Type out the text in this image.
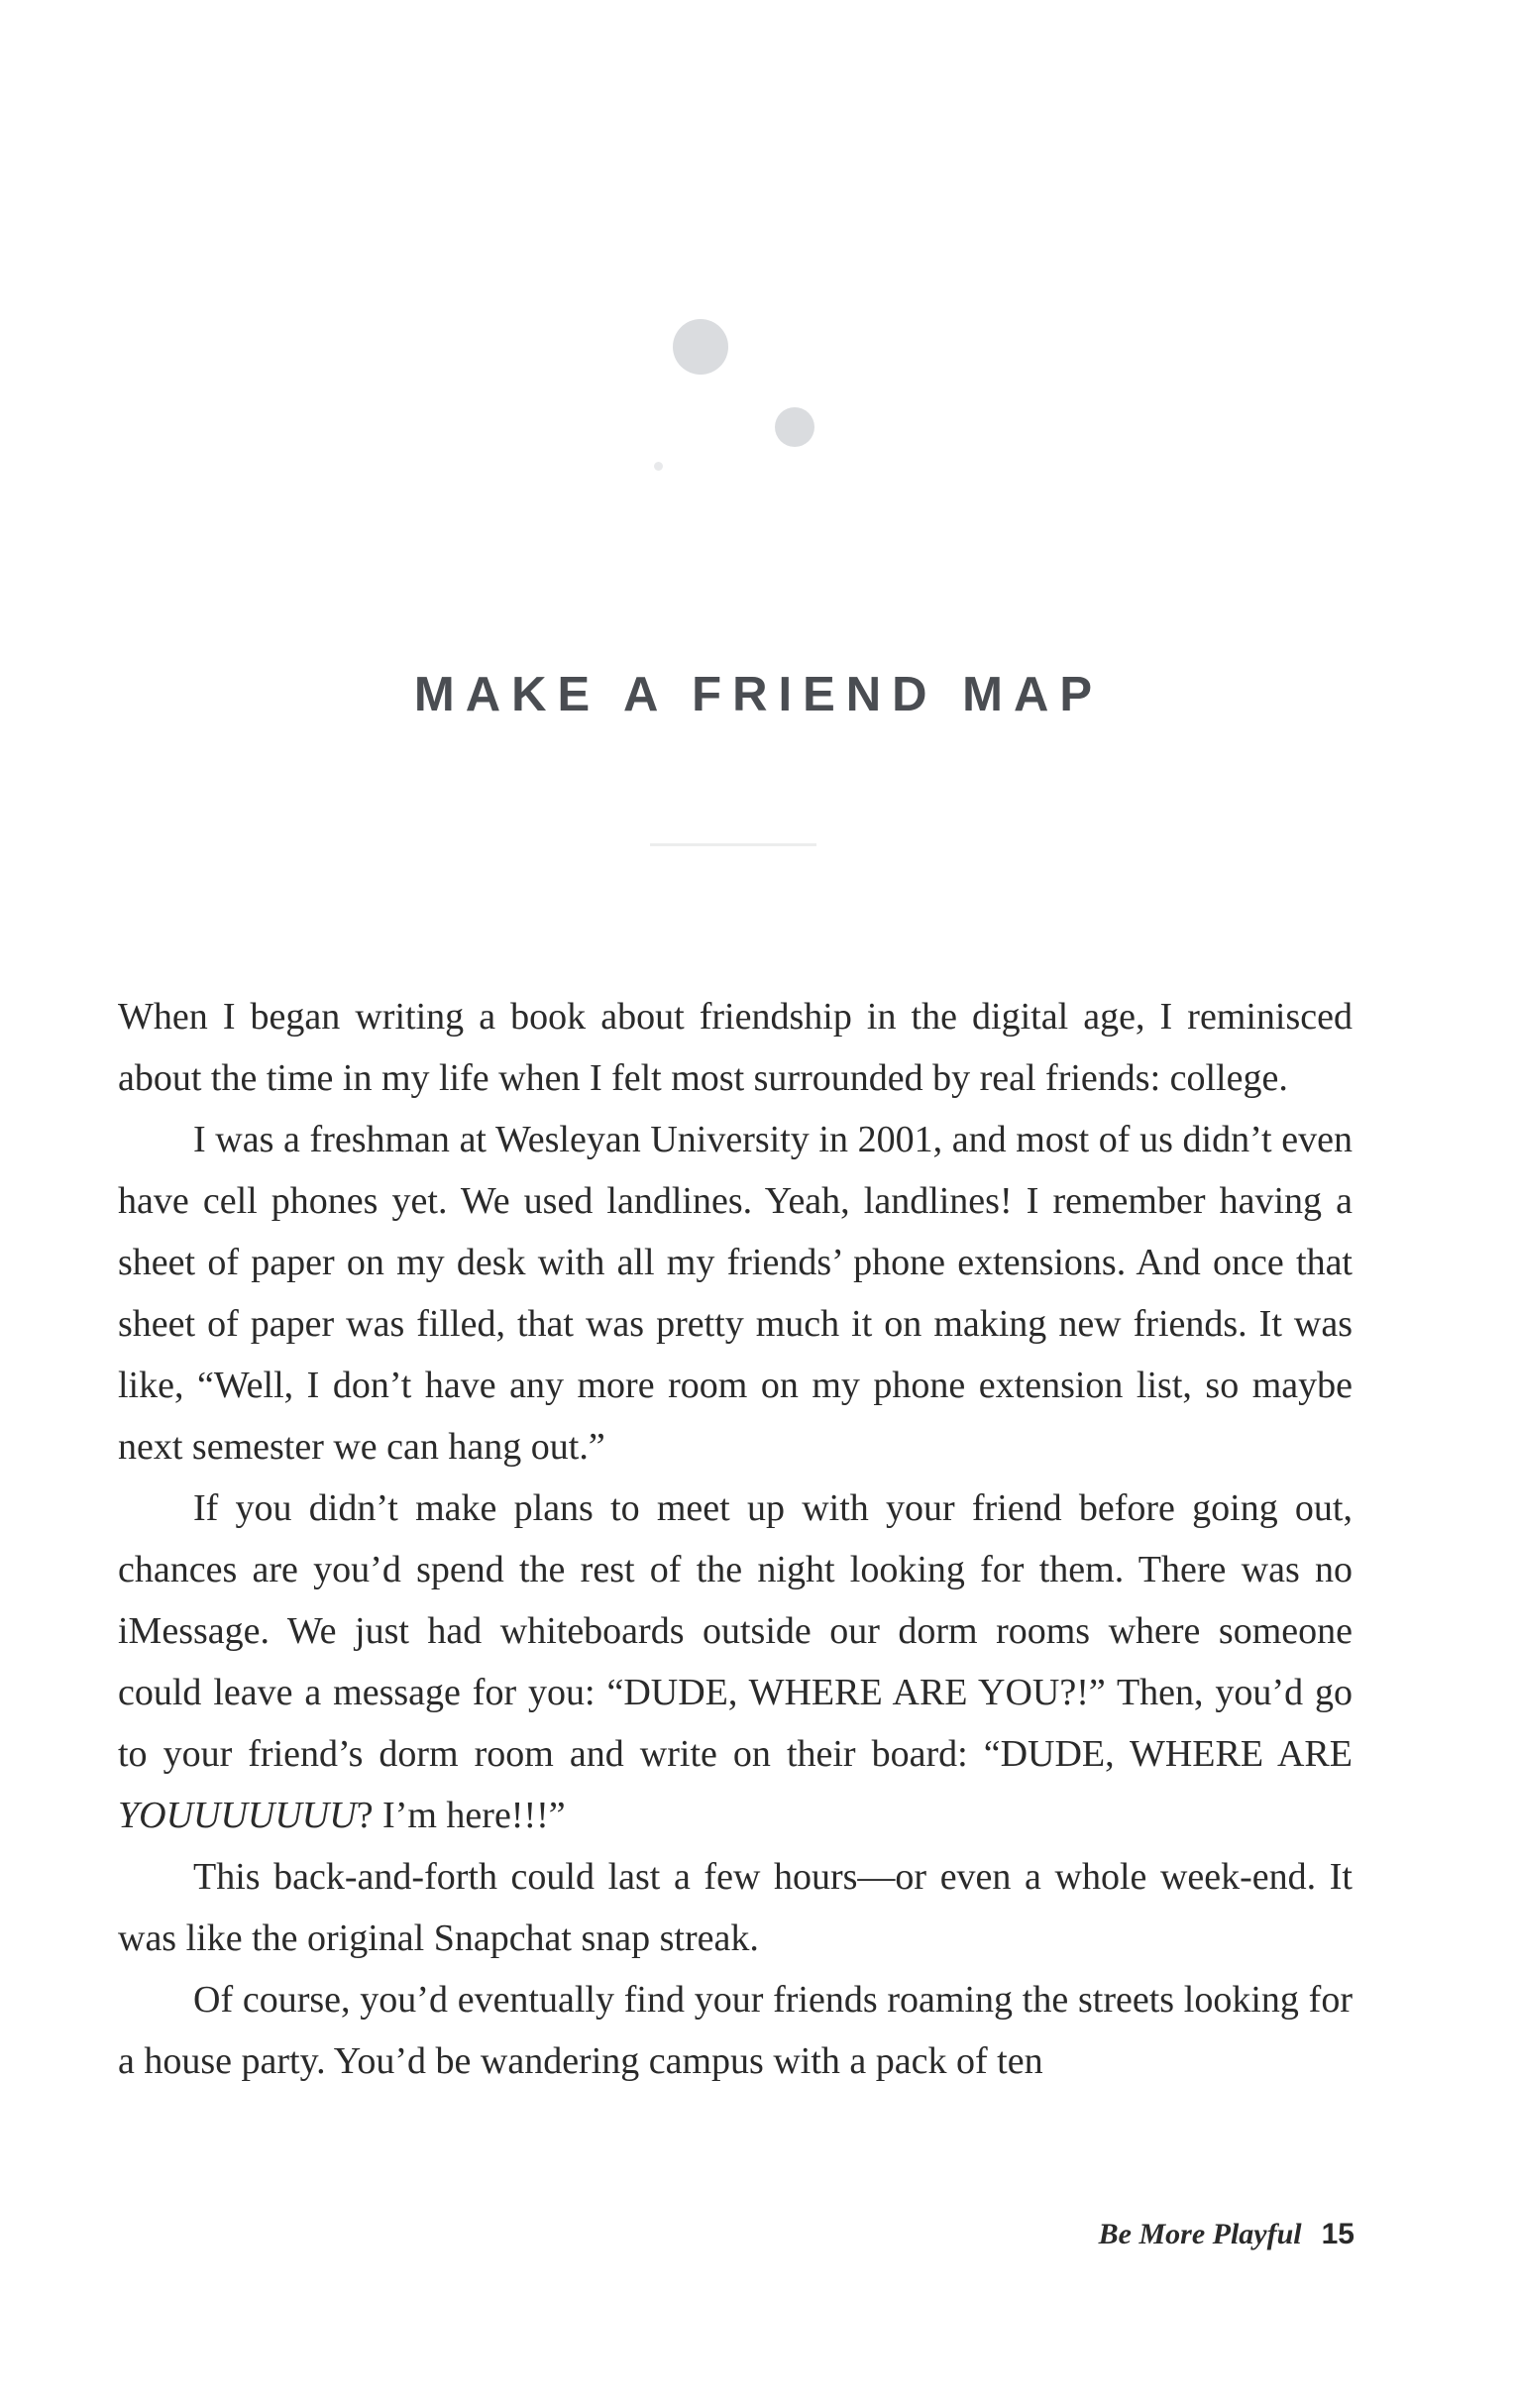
MAKE A FRIEND MAP

When I began writing a book about friendship in the digital age, I reminisced about the time in my life when I felt most surrounded by real friends: college.

I was a freshman at Wesleyan University in 2001, and most of us didn’t even have cell phones yet. We used landlines. Yeah, landlines! I remember having a sheet of paper on my desk with all my friends’ phone extensions. And once that sheet of paper was filled, that was pretty much it on making new friends. It was like, “Well, I don’t have any more room on my phone extension list, so maybe next semester we can hang out.”

If you didn’t make plans to meet up with your friend before going out, chances are you’d spend the rest of the night looking for them. There was no iMessage. We just had whiteboards outside our dorm rooms where someone could leave a message for you: “DUDE, WHERE ARE YOU?!” Then, you’d go to your friend’s dorm room and write on their board: “DUDE, WHERE ARE YOUUUUUUU? I’m here!!!”

This back-and-forth could last a few hours—or even a whole week-end. It was like the original Snapchat snap streak.

Of course, you’d eventually find your friends roaming the streets looking for a house party. You’d be wandering campus with a pack of ten

Be More Playful 15
